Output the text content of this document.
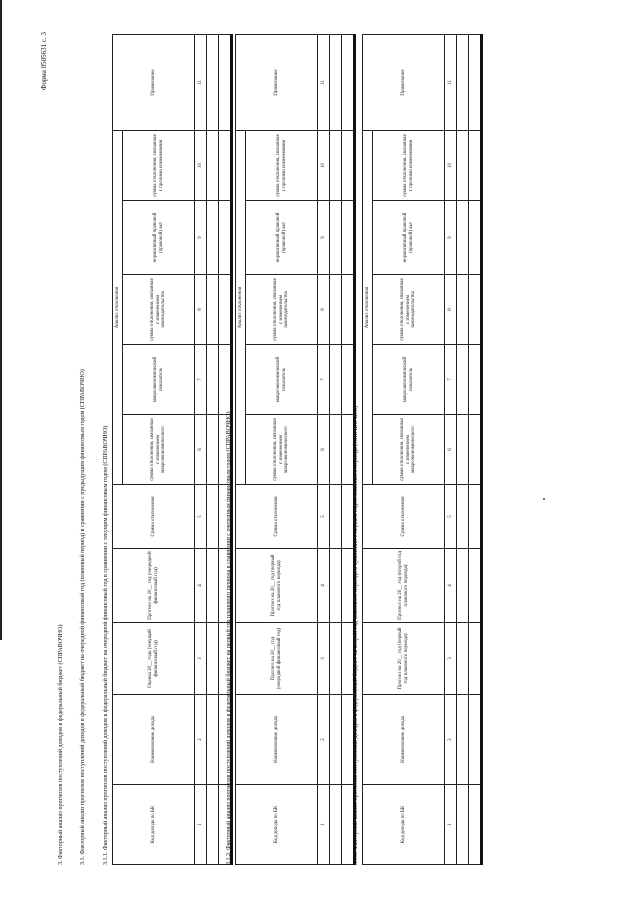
Форма 0505631 с. 3
3. Факторный анализ прогнозов поступлений доходов в федеральный бюджет (СПРАВОЧНО)	3.1. Факторный анализ прогнозов поступлений доходов в федеральный бюджет на очередной финансовый год (плановый период) в сравнении с предыдущим финансовым годом (СПРАВОЧНО)	3.1.1. Факторный анализ прогнозов поступлений доходов в федеральный бюджет на очередной финансовый год в сравнении с текущим финансовым годом (СПРАВОЧНО)	Код дохода по БК	Наименование дохода	Оценка 20__ года (текущий финансовый год)	Прогноз на 20__ год (очередной финансовый год)	Сумма отклонения	Анализ отклонения					Примечание
					сумма отклонения, связанная с изменением макроэкономического	макроэкономический показатель	сумма отклонения, связанная с изменением законодательства	нормативный правовой (правовой) акт	сумма отклонения, связанная с прочими изменениями	
1	2	3	4	5	6	7	8	9	10	11

3.1.2. Факторный анализ прогнозов поступлений доходов в федеральный бюджет на первый год планового периода в сравнении с очередным финансовым годом (СПРАВОЧНО)	Код дохода по БК	Наименование дохода	Прогноз на 20__ год (очередной финансовый год)	Прогноз на 20__ год (первый год планового периода)	Сумма отклонения	Анализ отклонения					Примечание
					сумма отклонения, связанная с изменением макроэкономического	макроэкономический показатель	сумма отклонения, связанная с изменением законодательства	нормативный правовой (правовой) акт	сумма отклонения, связанная с прочими изменениями	
1	2	3	4	5	6	7	8	9	10	11

3.1.3. Факторный анализ прогнозов поступлений доходов в федеральный бюджет на второй год планового периода в сравнении с первым годом планового периода (СПРАВОЧНО)	Код дохода по БК	Наименование дохода	Прогноз на 20__ год (первый год планового периода)	Прогноз на 20__ год (второй год планового периода)	Сумма отклонения	Анализ отклонения					Примечание
					сумма отклонения, связанная с изменением макроэкономического	макроэкономический показатель	сумма отклонения, связанная с изменением законодательства	нормативный правовой (правовой) акт	сумма отклонения, связанная с прочими изменениями	
1	2	3	4	5	6	7	8	9	10	11
